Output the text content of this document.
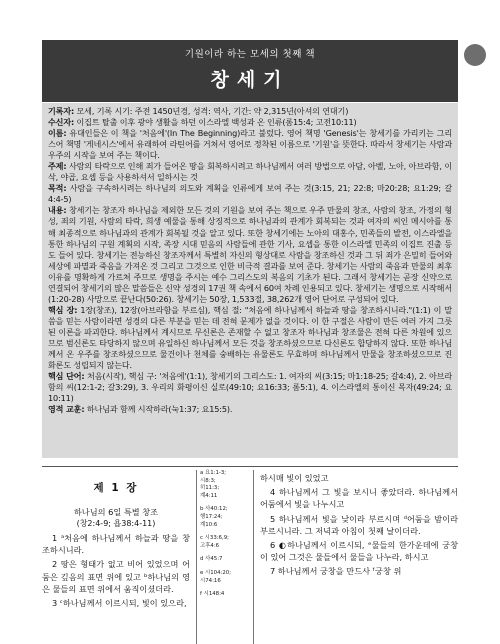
기원이라 하는 모세의 첫째 책
창세기

기록자: 모세, 기록 시기: 주전 1450년경, 성격: 역사, 기간: 약 2,315년(아셔의 연대기)

수신자: 이집트 탈출 이후 광야 생활을 하던 이스라엘 백성과 온 인류(롬15:4; 고전10:11)

이름: 유대인들은 이 책을 '처음에'(In The Beginning)라고 불렀다. 영어 책명 'Genesis'는 창세기를 가리키는 그리스어 책명 '게네시스'에서 유래하여 라틴어를 거쳐서 영어로 정착된 이름으로 '기원'을 뜻한다. 따라서 창세기는 사람과 우주의 시작을 보여 주는 책이다.

주제: 사람의 타락으로 인해 죄가 들어온 땅을 회복하시려고 하나님께서 여러 방법으로 아담, 아벨, 노아, 아브라함, 이삭, 야곱, 요셉 등을 사용하셔서 일하시는 것

목적: 사람을 구속하시려는 하나님의 의도와 계획을 인류에게 보여 주는 것(3:15, 21; 22:8; 마20:28; 요1:29; 갈4:4-5)

내용: 창세기는 창조자 하나님을 제외한 모든 것의 기원을 보여 주는 책으로 우주 만물의 창조, 사람의 창조, 가정의 형성, 죄의 기원, 사람의 타락, 희생 예물을 통해 상징적으로 하나님과의 관계가 회복되는 것과 여자의 씨인 메시아를 통해 최종적으로 하나님과의 관계가 회복될 것을 알고 있다. 또한 창세기에는 노아의 대홍수, 민족들의 발전, 이스라엘을 통한 하나님의 구원 계획의 시작, 족장 시대 믿음의 사람들에 관한 기사, 요셉을 통한 이스라엘 민족의 이집트 진출 등도 들어 있다. 창세기는 전능하신 창조자께서 특별히 자신의 형상대로 사람을 창조하신 것과 그 뒤 죄가 은밀히 들어와 세상에 파멸과 죽음을 가져온 것 그리고 그것으로 인한 비극적 결과를 보여 준다. 창세기는 사람의 죽음과 만물의 최후 이유를 명확하게 가르쳐 주므로 생명을 주시는 예수 그리스도의 복음의 기초가 된다. 그래서 창세기는 곧장 신약으로 연결되어 창세기의 많은 말씀들은 신약 성경의 17권 책 속에서 60여 차례 인용되고 있다. 창세기는 생명으로 시작해서(1:20-28) 사망으로 끝난다(50:26). 창세기는 50장, 1,533절, 38,262개 영어 단어로 구성되어 있다.

핵심 장: 1장(창조), 12장(아브라함을 부르심), 핵심 절: "처음에 하나님께서 하늘과 땅을 창조하시니라."(1:1) 이 말씀을 믿는 사람이라면 성경의 다른 부분을 믿는 데 전혀 문제가 없을 것이다. 이 한 구절은 사람이 만든 여러 가지 그릇된 이론을 파괴한다. 하나님께서 계시므로 무신론은 존재할 수 없고 창조자 하나님과 창조물은 전혀 다른 차원에 있으므로 범신론도 타당하지 않으며 유일하신 하나님께서 모든 것을 창조하셨으므로 다신론도 합당하지 않다. 또한 하나님께서 온 우주를 창조하셨으므로 물건이나 천체를 숭배하는 유물론도 무효하며 하나님께서 만물을 창조하셨으므로 진화론도 성립되지 않는다.

핵심 단어: 처음(시작), 핵심 구: '처음에'(1:1), 창세기의 그리스도: 1. 여자의 씨(3:15; 마1:18-25; 갈4:4), 2. 아브라함의 씨(12:1-2; 갈3:29), 3. 우리의 화평이신 실로(49:10; 요16:33; 롬5:1), 4. 이스라엘의 통이신 목자(49:24; 요10:11)

영적 교훈: 하나님과 함께 시작하라(눅1:37; 요15:5).

제 1 장
하나님의 6일 특별 창조
(창2:4-9; 욥38:4-11)

1 ᵃ처음에 하나님께서 하늘과 땅을 창조하시니라.

2 땅은 형태가 없고 비어 있었으며 어둠은 깊음의 표면 위에 있고 ᵇ하나님의 영은 물들의 표면 위에서 움직이셨더라.

3 ᶜ하나님께서 이르시되, 빛이 있으라,

a 요1:1-3;
시8:3;
히11:3;
계4:11
b 사40:12;
행17:24;
계10:6
c 시33:6,9;
고후4:6
d 사45:7
e 시104:20;
시74:16
f 시148:4

하시매 빛이 있었고

4 하나님께서 그 빛을 보시니 좋았더라. 하나님께서 어둠에서 빛을 나누시고

5 하나님께서 빛을 낮이라 부르시며 ᵈ어둠을 밤이라 부르시니라. 그 저녁과 아침이 첫째 날이더라.

6 ◐하나님께서 이르시되, ᵉ물들의 한가운데에 궁창이 있어 그것은 물들에서 물들을 나누라, 하시고

7 하나님께서 궁창을 만드사 ᶠ궁창 위
